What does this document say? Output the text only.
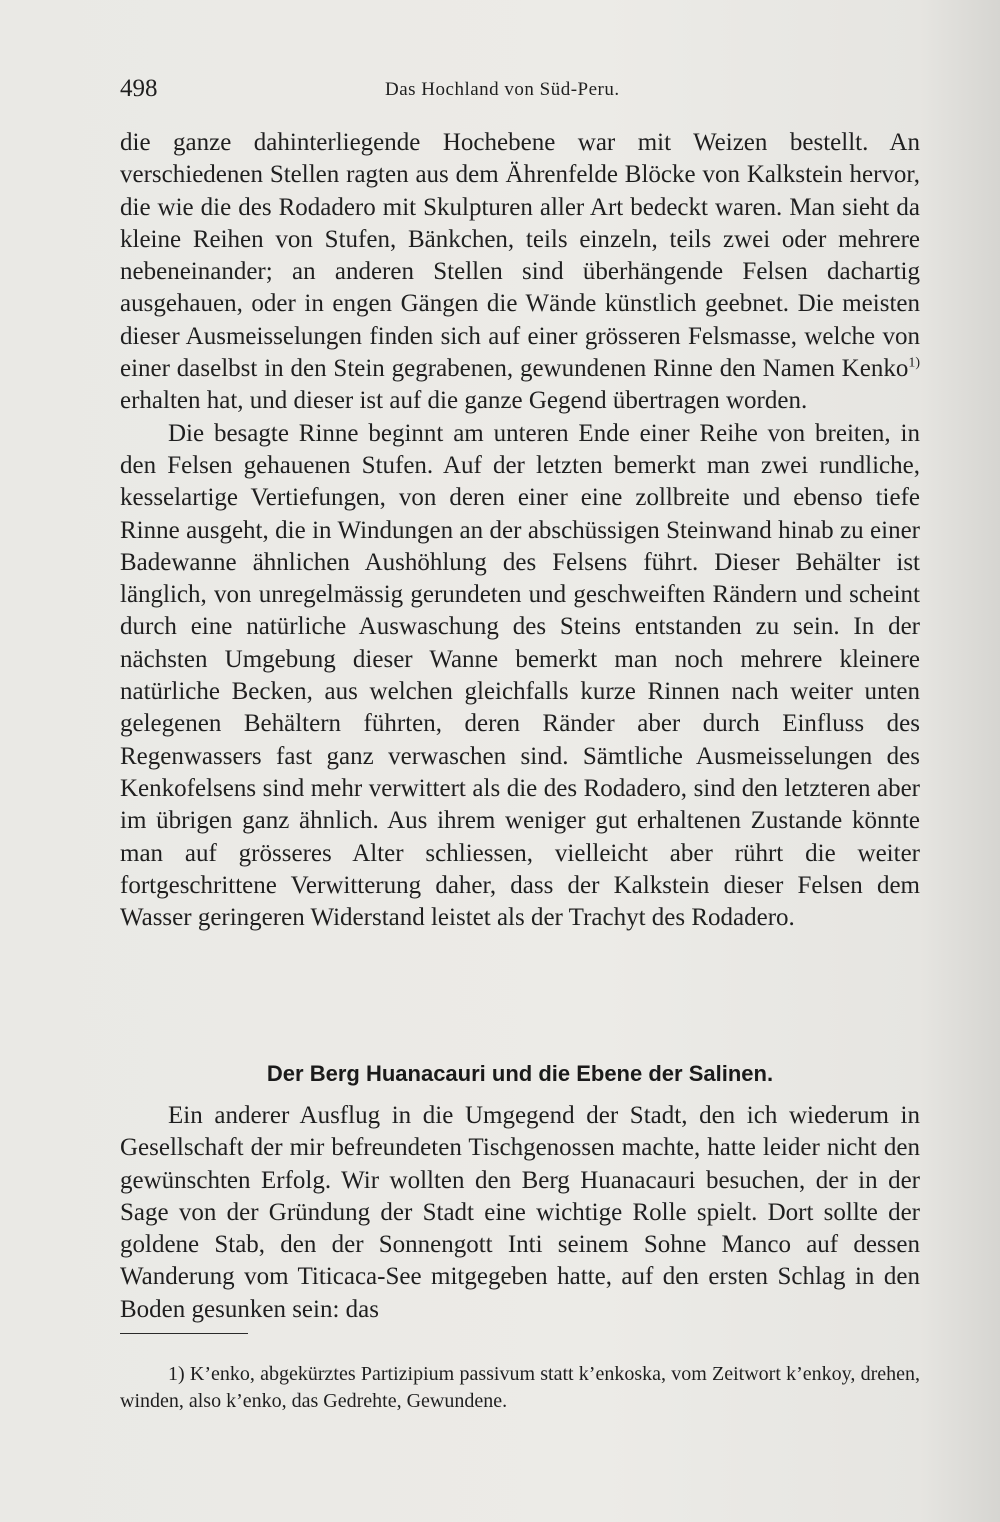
498	Das Hochland von Süd-Peru.

die ganze dahinterliegende Hochebene war mit Weizen bestellt. An verschiedenen Stellen ragten aus dem Ährenfelde Blöcke von Kalkstein hervor, die wie die des Rodadero mit Skulpturen aller Art bedeckt waren. Man sieht da kleine Reihen von Stufen, Bänkchen, teils einzeln, teils zwei oder mehrere nebeneinander; an anderen Stellen sind überhängende Felsen dachartig ausgehauen, oder in engen Gängen die Wände künstlich geebnet. Die meisten dieser Ausmeisselungen finden sich auf einer grösseren Felsmasse, welche von einer daselbst in den Stein gegrabenen, gewundenen Rinne den Namen Kenko$^{1)}$ erhalten hat, und dieser ist auf die ganze Gegend übertragen worden.

Die besagte Rinne beginnt am unteren Ende einer Reihe von breiten, in den Felsen gehauenen Stufen. Auf der letzten bemerkt man zwei rundliche, kesselartige Vertiefungen, von deren einer eine zollbreite und ebenso tiefe Rinne ausgeht, die in Windungen an der abschüssigen Steinwand hinab zu einer Badewanne ähnlichen Aushöhlung des Felsens führt. Dieser Behälter ist länglich, von unregelmässig gerundeten und geschweiften Rändern und scheint durch eine natürliche Auswaschung des Steins entstanden zu sein. In der nächsten Umgebung dieser Wanne bemerkt man noch mehrere kleinere natürliche Becken, aus welchen gleichfalls kurze Rinnen nach weiter unten gelegenen Behältern führten, deren Ränder aber durch Einfluss des Regenwassers fast ganz verwaschen sind. Sämtliche Ausmeisselungen des Kenkofelsens sind mehr verwittert als die des Rodadero, sind den letzteren aber im übrigen ganz ähnlich. Aus ihrem weniger gut erhaltenen Zustande könnte man auf grösseres Alter schliessen, vielleicht aber rührt die weiter fortgeschrittene Verwitterung daher, dass der Kalkstein dieser Felsen dem Wasser geringeren Widerstand leistet als der Trachyt des Rodadero.

Der Berg Huanacauri und die Ebene der Salinen.

Ein anderer Ausflug in die Umgegend der Stadt, den ich wiederum in Gesellschaft der mir befreundeten Tischgenossen machte, hatte leider nicht den gewünschten Erfolg. Wir wollten den Berg Huanacauri besuchen, der in der Sage von der Gründung der Stadt eine wichtige Rolle spielt. Dort sollte der goldene Stab, den der Sonnengott Inti seinem Sohne Manco auf dessen Wanderung vom Titicaca-See mitgegeben hatte, auf den ersten Schlag in den Boden gesunken sein: das

1) K’enko, abgekürztes Partizipium passivum statt k’enkoska, vom Zeitwort k’enkoy, drehen, winden, also k’enko, das Gedrehte, Gewundene.
